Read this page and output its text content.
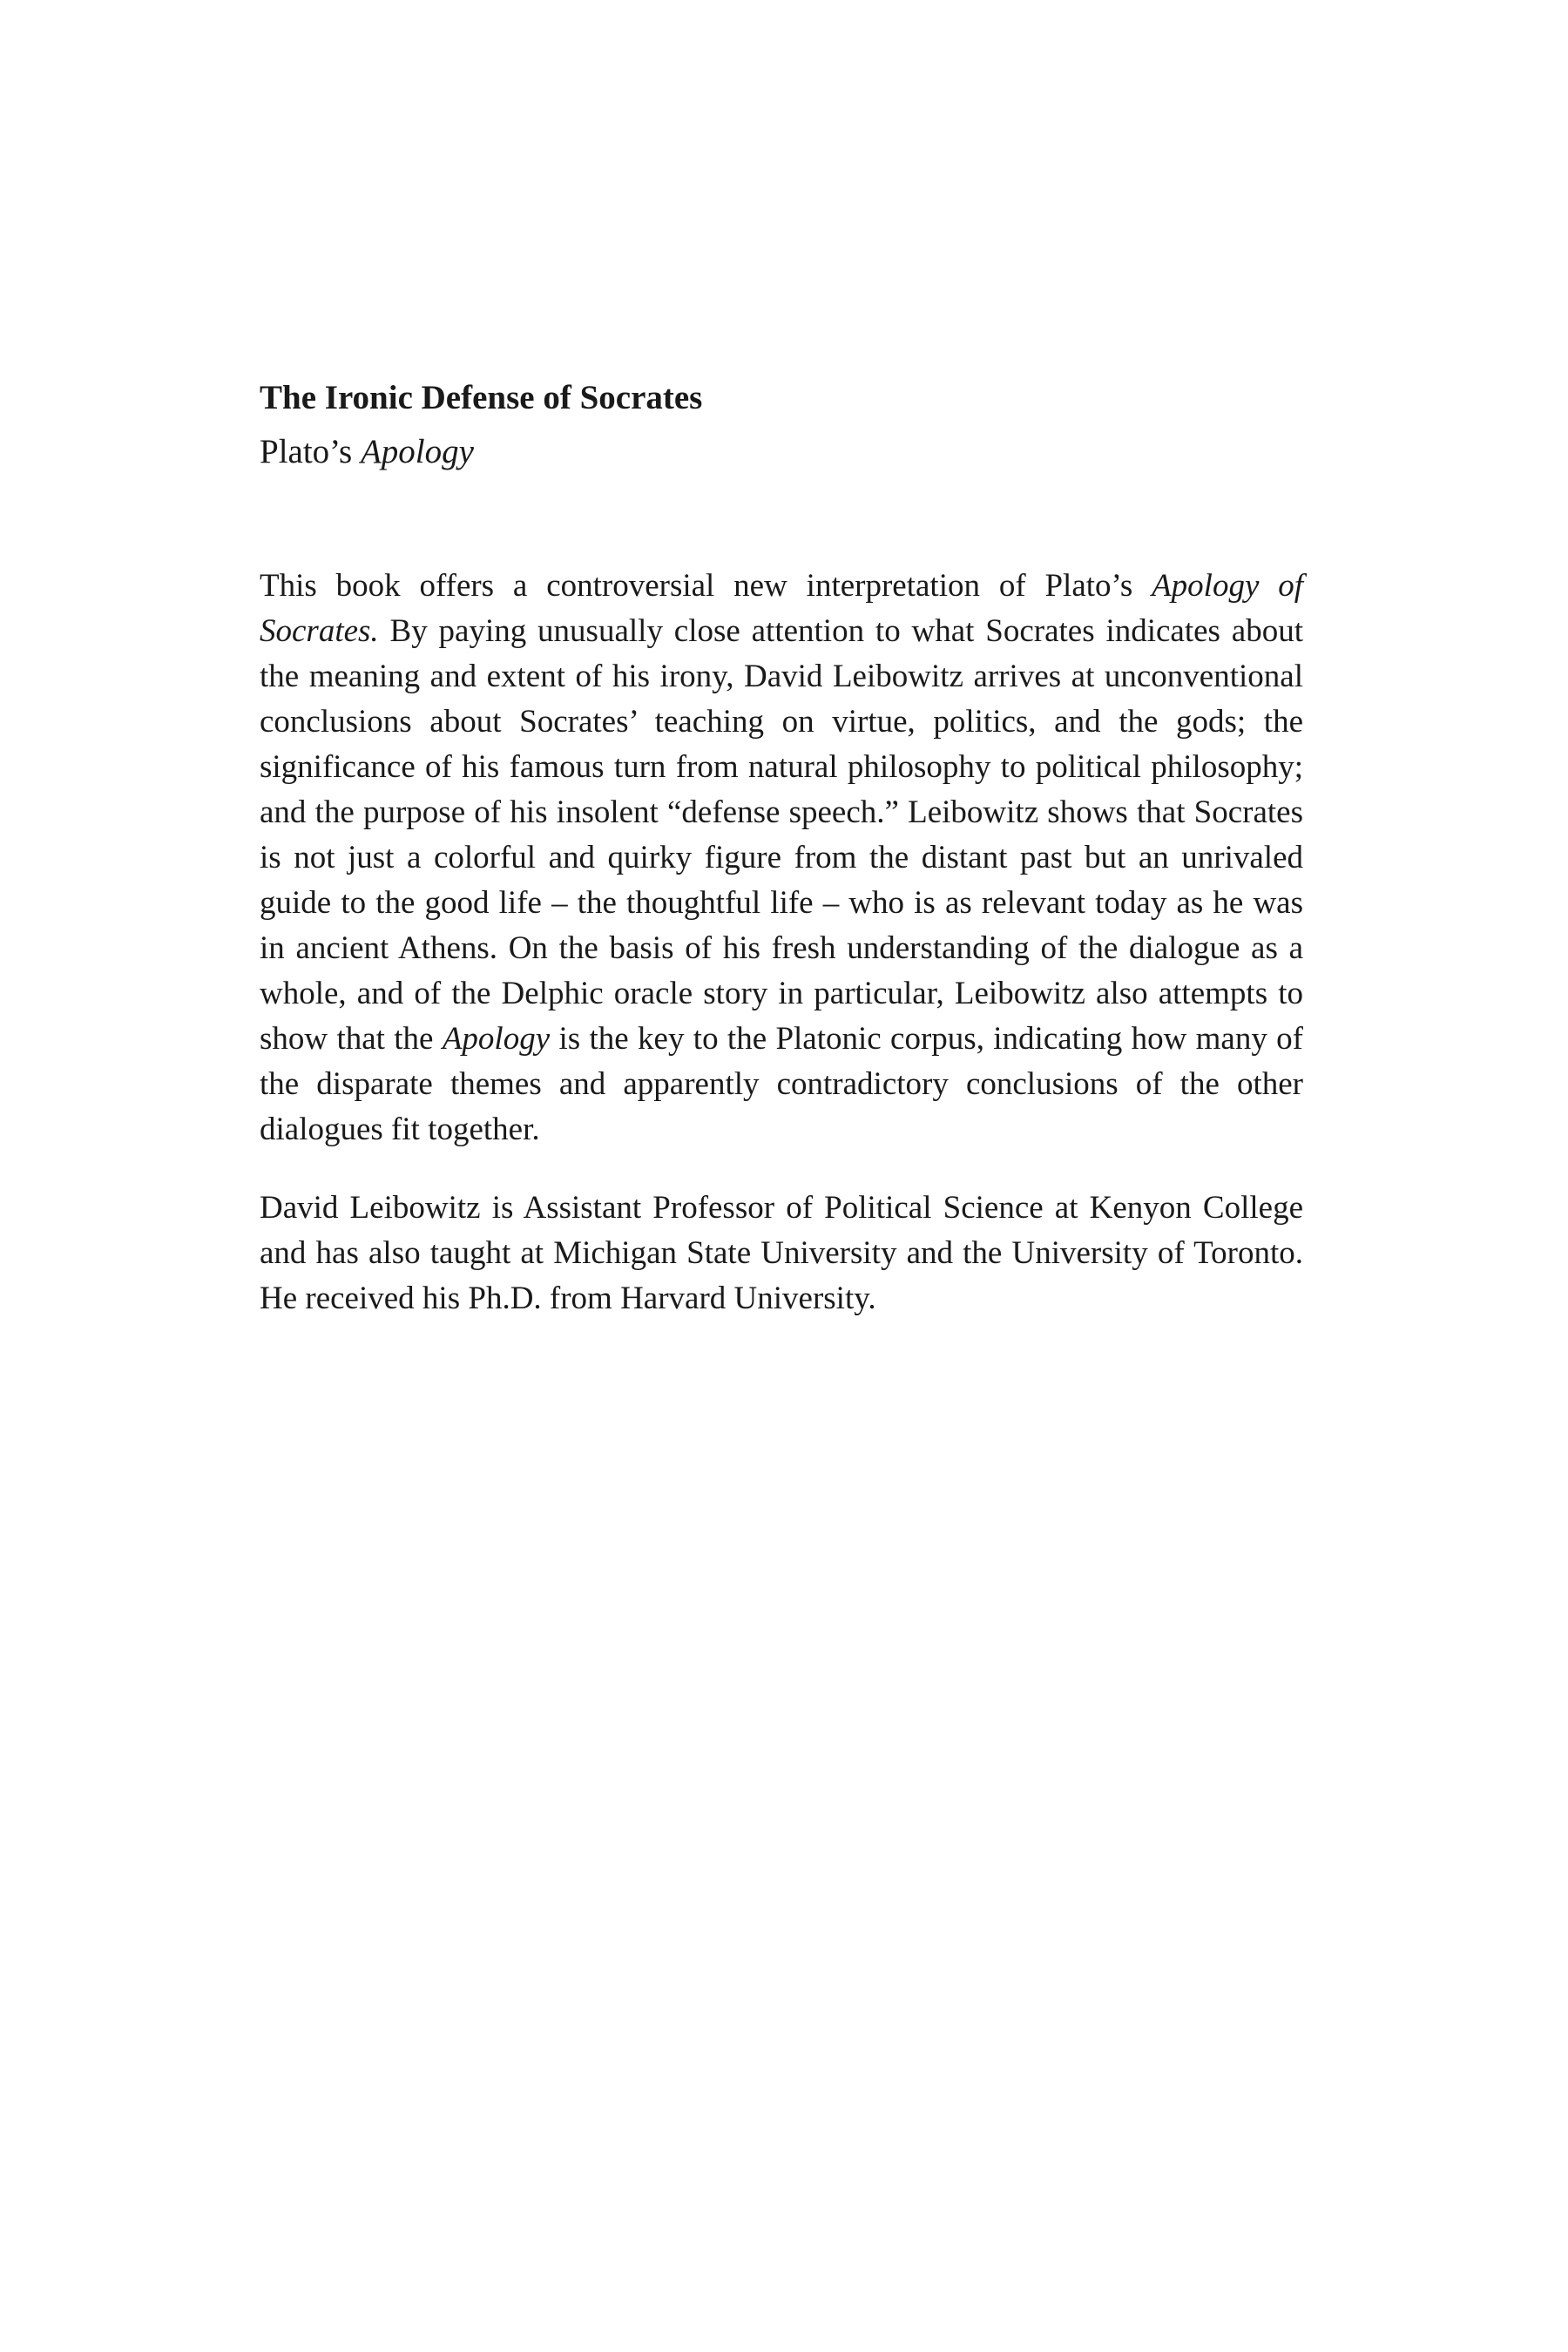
The Ironic Defense of Socrates
Plato’s Apology

This book offers a controversial new interpretation of Plato’s Apology of Socrates. By paying unusually close attention to what Socrates indicates about the meaning and extent of his irony, David Leibowitz arrives at unconventional conclusions about Socrates’ teaching on virtue, politics, and the gods; the significance of his famous turn from natural philosophy to political philosophy; and the purpose of his insolent “defense speech.” Leibowitz shows that Socrates is not just a colorful and quirky figure from the distant past but an unrivaled guide to the good life – the thoughtful life – who is as relevant today as he was in ancient Athens. On the basis of his fresh understanding of the dialogue as a whole, and of the Delphic oracle story in particular, Leibowitz also attempts to show that the Apology is the key to the Platonic corpus, indicating how many of the disparate themes and apparently contradictory conclusions of the other dialogues fit together.

David Leibowitz is Assistant Professor of Political Science at Kenyon College and has also taught at Michigan State University and the University of Toronto. He received his Ph.D. from Harvard University.
